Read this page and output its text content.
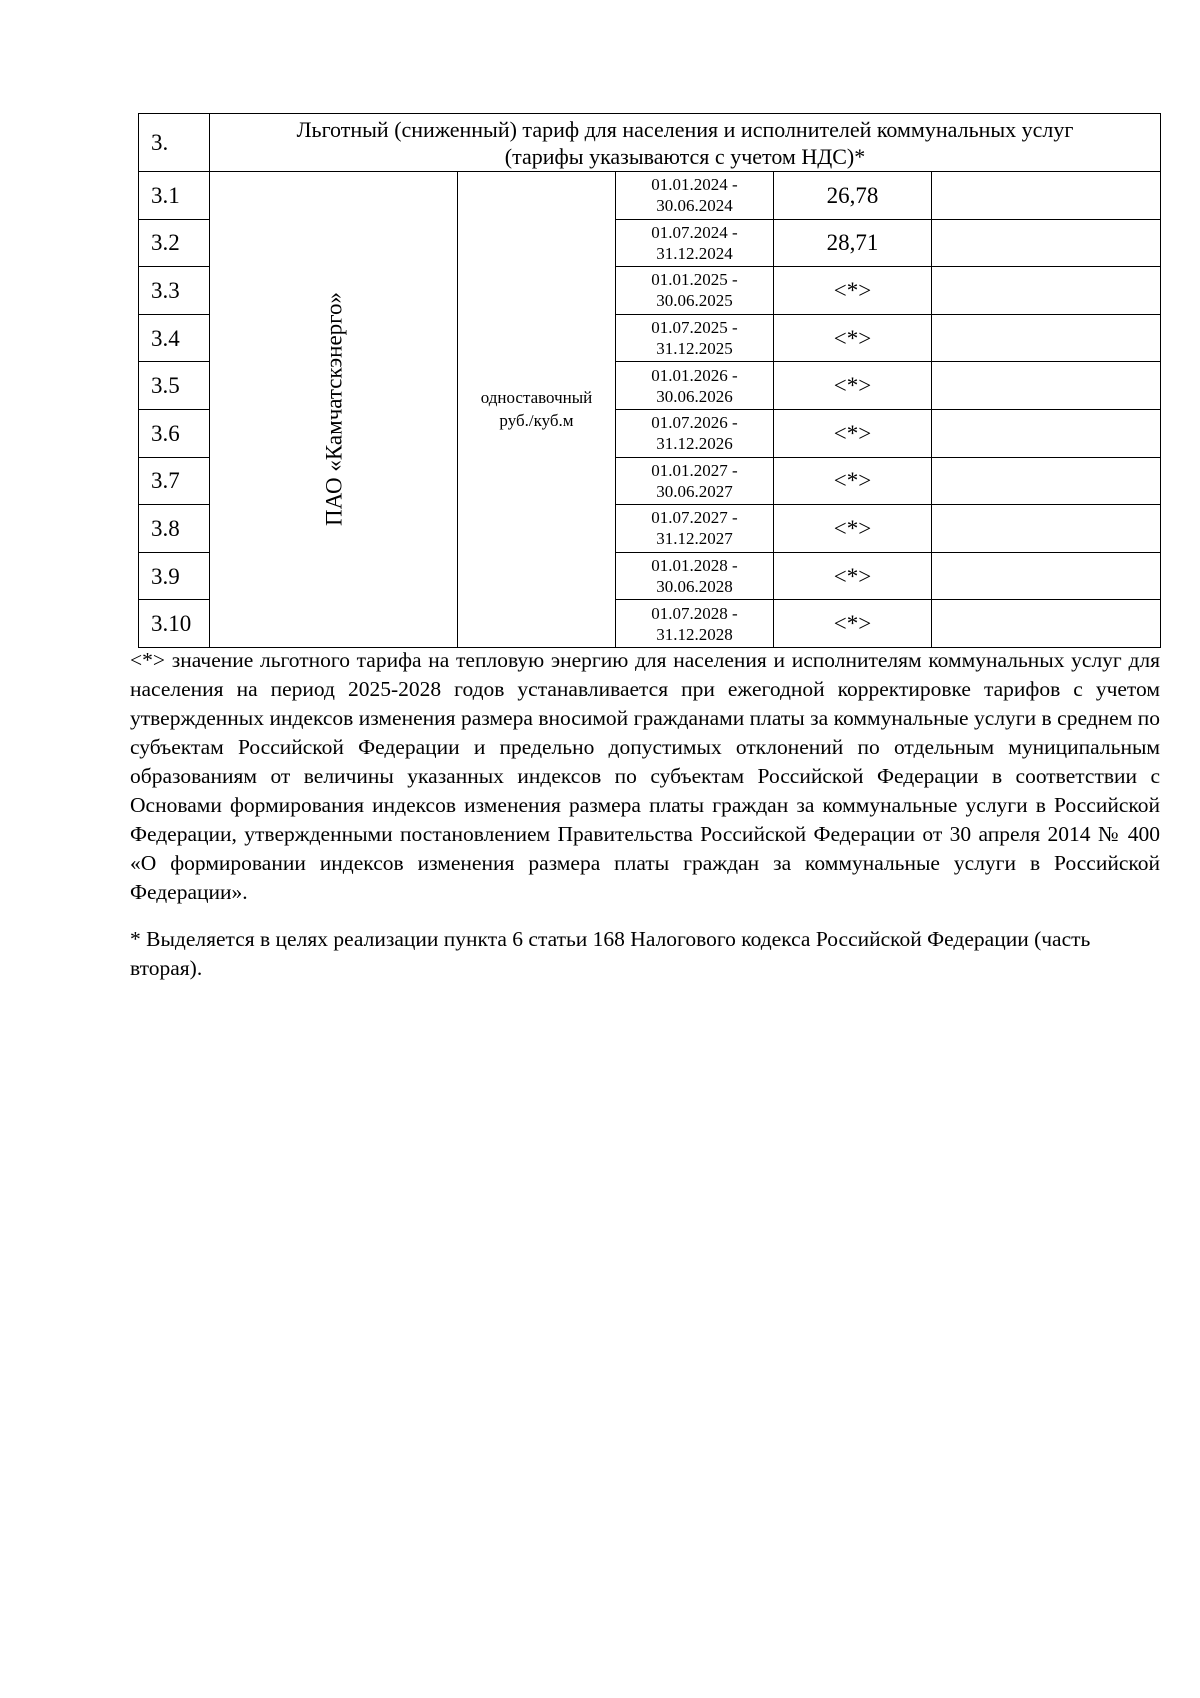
3.	Льготный (сниженный) тариф для населения и исполнителей коммунальных услуг
(тарифы указываются с учетом НДС)*				
3.1	ПАО «Камчатскэнерго»	одноставочный
руб./куб.м	01.01.2024 -
30.06.2024	26,78	
3.2			01.07.2024 -
31.12.2024	28,71	
3.3			01.01.2025 -
30.06.2025	<*>	
3.4			01.07.2025 -
31.12.2025	<*>	
3.5			01.01.2026 -
30.06.2026	<*>	
3.6			01.07.2026 -
31.12.2026	<*>	
3.7			01.01.2027 -
30.06.2027	<*>	
3.8			01.07.2027 -
31.12.2027	<*>	
3.9			01.01.2028 -
30.06.2028	<*>	
3.10			01.07.2028 -
31.12.2028	<*>	

<*> значение льготного тарифа на тепловую энергию для населения и исполнителям коммунальных услуг для населения на период 2025-2028 годов устанавливается при ежегодной корректировке тарифов с учетом утвержденных индексов изменения размера вносимой гражданами платы за коммунальные услуги в среднем по субъектам Российской Федерации и предельно допустимых отклонений по отдельным муниципальным образованиям от величины указанных индексов по субъектам Российской Федерации в соответствии с Основами формирования индексов изменения размера платы граждан за коммунальные услуги в Российской Федерации, утвержденными постановлением Правительства Российской Федерации от 30 апреля 2014 № 400 «О формировании индексов изменения размера платы граждан за коммунальные услуги в Российской Федерации».

* Выделяется в целях реализации пункта 6 статьи 168 Налогового кодекса Российской Федерации (часть вторая).
